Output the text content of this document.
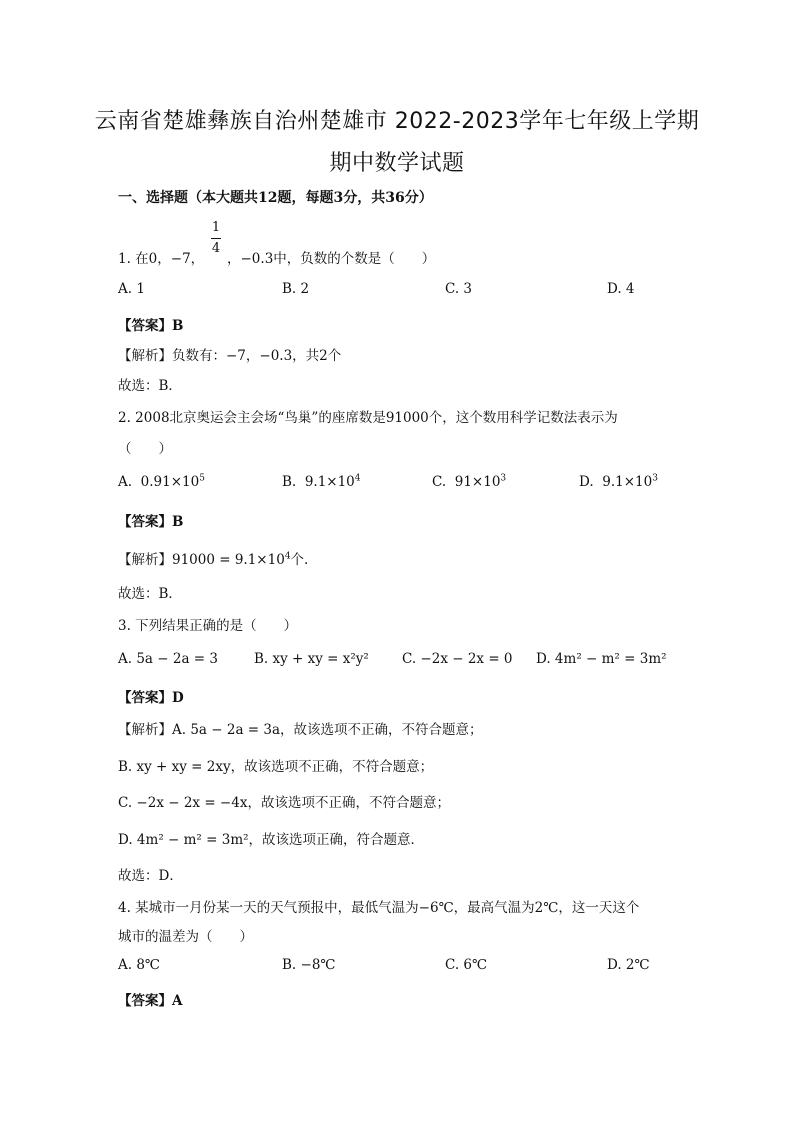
云南省楚雄彝族自治州楚雄市 2022-2023学年七年级上学期
期中数学试题
一、选择题（本大题共12题，每题3分，共36分）
1
4
1. 在0，−7， ，−0.3中，负数的个数是（　　）
A. 1	B. 2	C. 3	D. 4
【答案】B
【解析】负数有：−7，−0.3，共2个
故选：B．
2. 2008北京奥运会主会场“鸟巢”的座席数是91000个，这个数用科学记数法表示为
（　　）
A. $0.91\times 10^5$	B. $9.1\times 10^4$	C. $91\times 10^3$	D. $9.1\times 10^3$
【答案】B
【解析】$91000 = 9.1\times 10^4$个.
故选：B．
3. 下列结果正确的是（　　）
A. 5a − 2a = 3	B. xy + xy = x²y² C. −2x − 2x = 0 D. 4m² − m² = 3m²
【答案】D
【解析】A. 5a − 2a = 3a，故该选项不正确，不符合题意；
B. xy + xy = 2xy，故该选项不正确，不符合题意；
C. −2x − 2x = −4x，故该选项不正确，不符合题意；
D. 4m² − m² = 3m²，故该选项正确，符合题意．
故选：D．
4. 某城市一月份某一天的天气预报中，最低气温为−6℃，最高气温为2℃，这一天这个
城市的温差为（　　）
A. 8℃	B. −8℃	C. 6℃	D. 2℃
【答案】A
